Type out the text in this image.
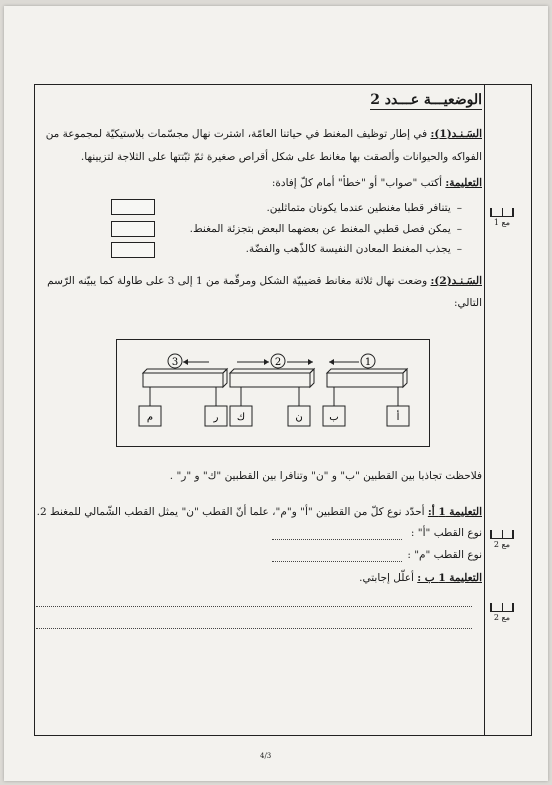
الوضعيـــة عـــدد 2
السَـنـد(1): في إطار توظيف المغنط في حياتنا العامّة، اشترت نهال مجسّمات بلاستيكيّة لمجموعة من
الفواكه والحيوانات وألصقت بها مغانط على شكل أقراص صغيرة ثمّ ثبّتتها على الثلاجة لتزيينها.
التعليمة: أكتب "صواب" أو "خطأ" أمام كلّ إفادة:
– يتنافر قطبا مغنطين عندما يكونان متماثلين.
– يمكن فصل قطبي المغنط عن بعضهما البعض بتجزئة المغنط.
– يجذب المغنط المعادن النفيسة كالذّهب والفضّة.
مع 1
السَـنـد(2): وضعت نهال ثلاثة مغانط قضيبيّة الشكل ومرقّمة من 1 إلى 3 على طاولة كما يبيّنه الرّسم
التالي:
3	2	1
م	ر ك	ن	ب	أ
فلاحظت تجاذبا بين القطبين "ب" و "ن" وتنافرا بين القطبين "ك" و "ر" .
التعليمة 1 أ: أحدّد نوع كلّ من القطبين "أ" و"م"، علما أنّ القطب "ن" يمثل القطب الشّمالي للمغنط 2.
نوع القطب "أ" :
نوع القطب "م" :
مع 2
التعليمة 1 ب : أعلّل إجابتي.
مع 2
4/3
